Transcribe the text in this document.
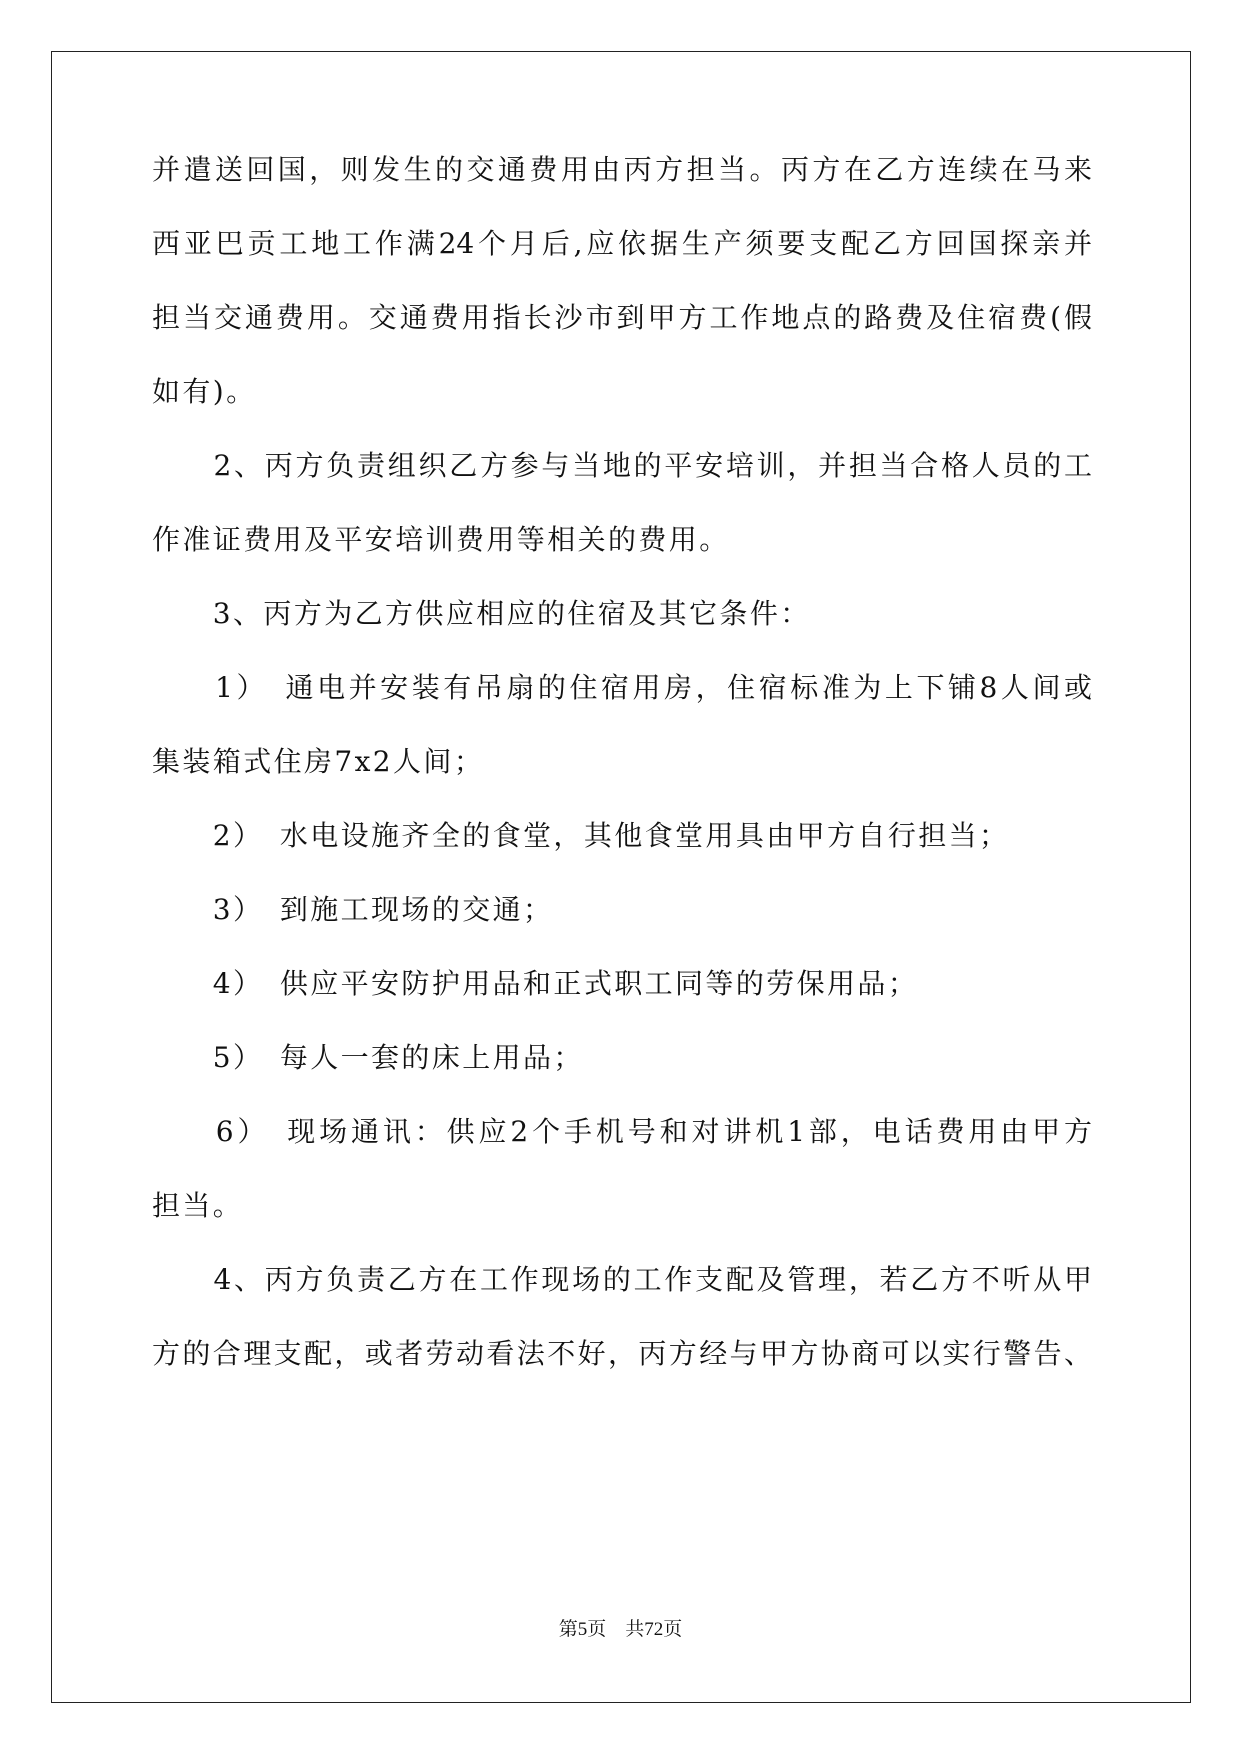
并遣送回国，则发生的交通费用由丙方担当。丙方在乙方连续在马来
西亚巴贡工地工作满24个月后,应依据生产须要支配乙方回国探亲并
担当交通费用。交通费用指长沙市到甲方工作地点的路费及住宿费(假
如有)。
　　2、丙方负责组织乙方参与当地的平安培训，并担当合格人员的工
作准证费用及平安培训费用等相关的费用。
　　3、丙方为乙方供应相应的住宿及其它条件：
　　1）　通电并安装有吊扇的住宿用房，住宿标准为上下铺8人间或
集装箱式住房7x2人间；
　　2）　水电设施齐全的食堂，其他食堂用具由甲方自行担当；
　　3）　到施工现场的交通；
　　4）　供应平安防护用品和正式职工同等的劳保用品；
　　5）　每人一套的床上用品；
　　6）　现场通讯：供应2个手机号和对讲机1部，电话费用由甲方
担当。
　　4、丙方负责乙方在工作现场的工作支配及管理，若乙方不听从甲
方的合理支配，或者劳动看法不好，丙方经与甲方协商可以实行警告、
第5页　共72页
